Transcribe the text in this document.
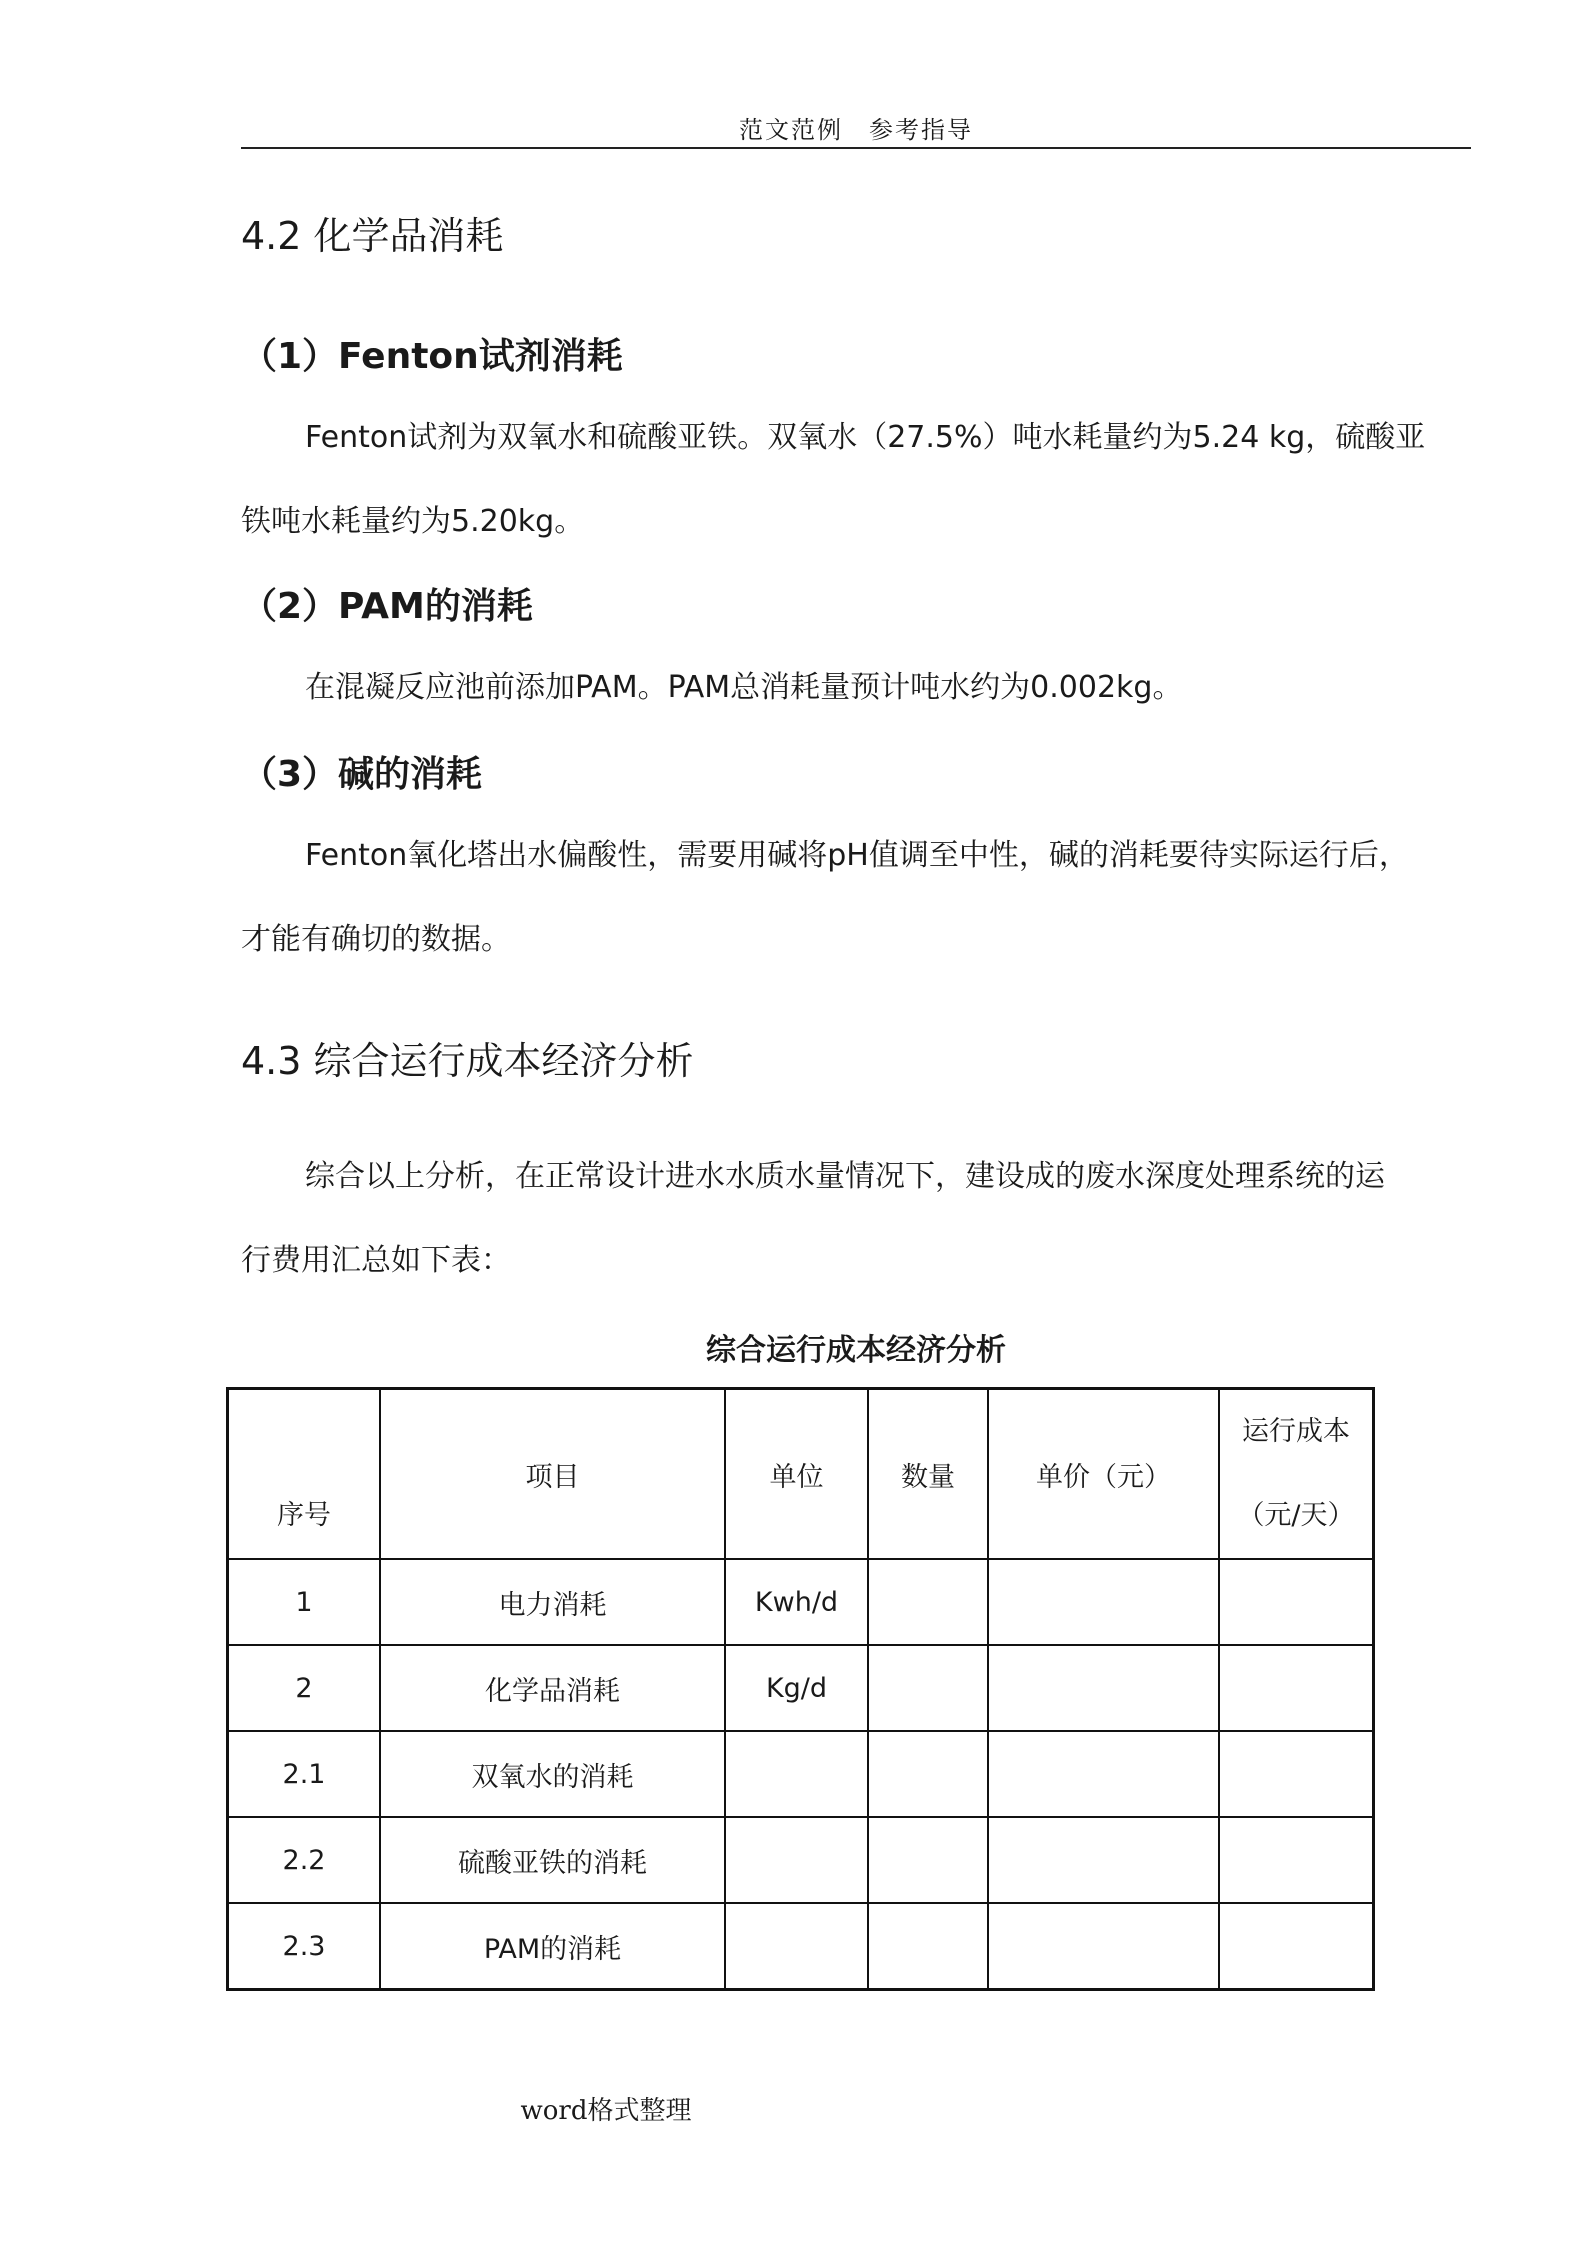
范文范例　参考指导
4.2 化学品消耗
（1）Fenton试剂消耗

Fenton试剂为双氧水和硫酸亚铁。双氧水（27.5%）吨水耗量约为5.24 kg，硫酸亚
铁吨水耗量约为5.20kg。

（2）PAM的消耗

在混凝反应池前添加PAM。PAM总消耗量预计吨水约为0.002kg。

（3）碱的消耗

Fenton氧化塔出水偏酸性，需要用碱将pH值调至中性，碱的消耗要待实际运行后，
才能有确切的数据。

4.3 综合运行成本经济分析

综合以上分析，在正常设计进水水质水量情况下，建设成的废水深度处理系统的运
行费用汇总如下表：

综合运行成本经济分析
序号	项目	单位	数量	单价（元）	运行成本
（元/天）

1	电力消耗	Kwh/d			
2	化学品消耗	Kg/d			
2.1	双氧水的消耗				
2.2	硫酸亚铁的消耗				
2.3	PAM的消耗				
word格式整理
